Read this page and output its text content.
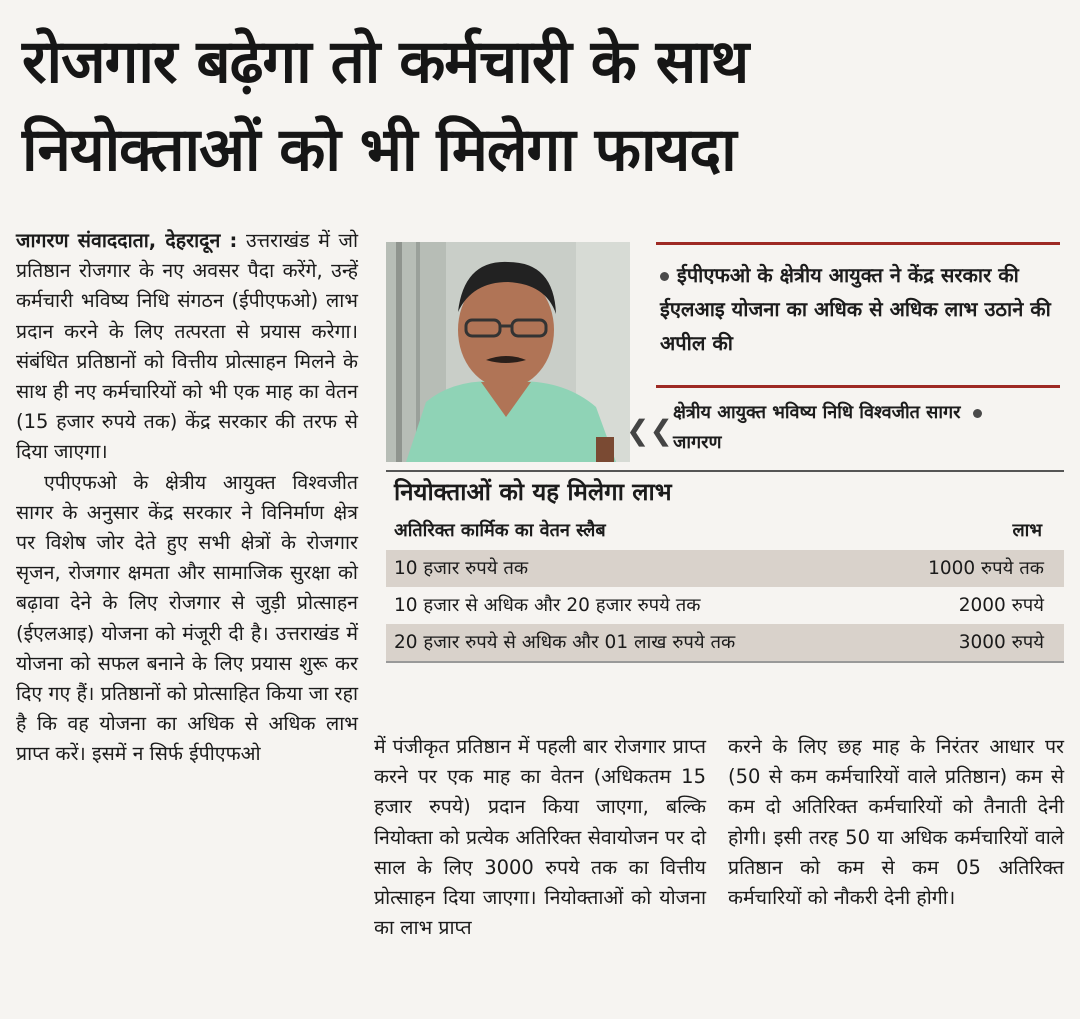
रोजगार बढ़ेगा तो कर्मचारी के साथ
नियोक्ताओं को भी मिलेगा फायदा

जागरण संवाददाता, देहरादून : उत्तराखंड में जो प्रतिष्ठान रोजगार के नए अवसर पैदा करेंगे, उन्हें कर्मचारी भविष्य निधि संगठन (ईपीएफओ) लाभ प्रदान करने के लिए तत्परता से प्रयास करेगा। संबंधित प्रतिष्ठानों को वित्तीय प्रोत्साहन मिलने के साथ ही नए कर्मचारियों को भी एक माह का वेतन (15 हजार रुपये तक) केंद्र सरकार की तरफ से दिया जाएगा।

एपीएफओ के क्षेत्रीय आयुक्त विश्वजीत सागर के अनुसार केंद्र सरकार ने विनिर्माण क्षेत्र पर विशेष जोर देते हुए सभी क्षेत्रों के रोजगार सृजन, रोजगार क्षमता और सामाजिक सुरक्षा को बढ़ावा देने के लिए रोजगार से जुड़ी प्रोत्साहन (ईएलआइ) योजना को मंजूरी दी है। उत्तराखंड में योजना को सफल बनाने के लिए प्रयास शुरू कर दिए गए हैं। प्रतिष्ठानों को प्रोत्साहित किया जा रहा है कि वह योजना का अधिक से अधिक लाभ प्राप्त करें। इसमें न सिर्फ ईपीएफओ

ईपीएफओ के क्षेत्रीय आयुक्त ने केंद्र सरकार की ईएलआइ योजना का अधिक से अधिक लाभ उठाने की अपील की
❮❮
क्षेत्रीय आयुक्त भविष्य निधि विश्वजीत सागर
जागरण
नियोक्ताओं को यह मिलेगा लाभ
अतिरिक्त कार्मिक का वेतन स्लैब	लाभ
10 हजार रुपये तक	1000 रुपये तक
10 हजार से अधिक और 20 हजार रुपये तक	2000 रुपये
20 हजार रुपये से अधिक और 01 लाख रुपये तक	3000 रुपये

में पंजीकृत प्रतिष्ठान में पहली बार रोजगार प्राप्त करने पर एक माह का वेतन (अधिकतम 15 हजार रुपये) प्रदान किया जाएगा, बल्कि नियोक्ता को प्रत्येक अतिरिक्त सेवायोजन पर दो साल के लिए 3000 रुपये तक का वित्तीय प्रोत्साहन दिया जाएगा। नियोक्ताओं को योजना का लाभ प्राप्त

करने के लिए छह माह के निरंतर आधार पर (50 से कम कर्मचारियों वाले प्रतिष्ठान) कम से कम दो अतिरिक्त कर्मचारियों को तैनाती देनी होगी। इसी तरह 50 या अधिक कर्मचारियों वाले प्रतिष्ठान को कम से कम 05 अतिरिक्त कर्मचारियों को नौकरी देनी होगी।
